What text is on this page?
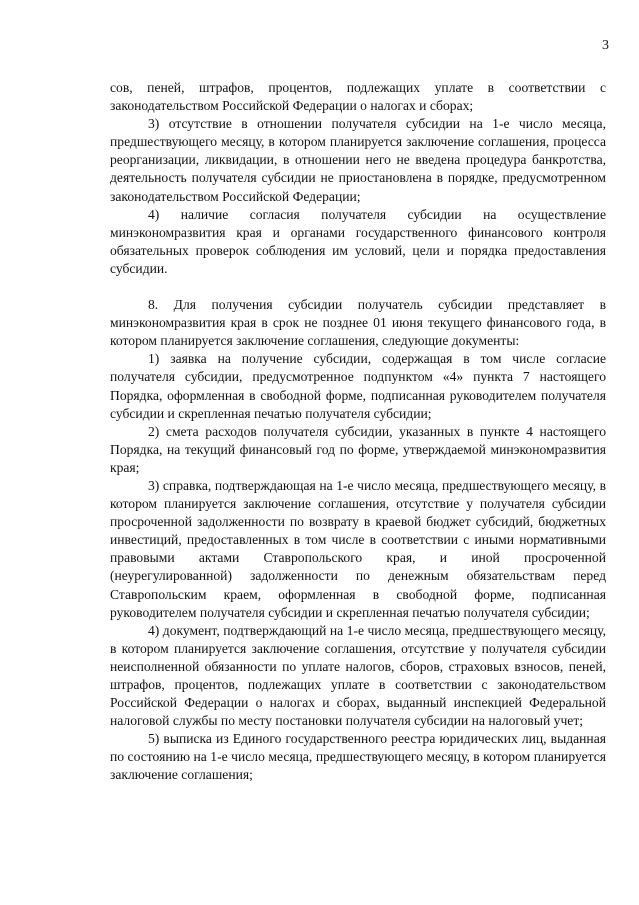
3

сов, пеней, штрафов, процентов, подлежащих уплате в соответствии с законодательством Российской Федерации о налогах и сборах;

3) отсутствие в отношении получателя субсидии на 1-е число месяца, предшествующего месяцу, в котором планируется заключение соглашения, процесса реорганизации, ликвидации, в отношении него не введена процедура банкротства, деятельность получателя субсидии не приостановлена в порядке, предусмотренном законодательством Российской Федерации;

4) наличие согласия получателя субсидии на осуществление минэкономразвития края и органами государственного финансового контроля обязательных проверок соблюдения им условий, цели и порядка предоставления субсидии.

8. Для получения субсидии получатель субсидии представляет в минэкономразвития края в срок не позднее 01 июня текущего финансового года, в котором планируется заключение соглашения, следующие документы:

1) заявка на получение субсидии, содержащая в том числе согласие получателя субсидии, предусмотренное подпунктом «4» пункта 7 настоящего Порядка, оформленная в свободной форме, подписанная руководителем получателя субсидии и скрепленная печатью получателя субсидии;

2) смета расходов получателя субсидии, указанных в пункте 4 настоящего Порядка, на текущий финансовый год по форме, утверждаемой минэкономразвития края;

3) справка, подтверждающая на 1-е число месяца, предшествующего месяцу, в котором планируется заключение соглашения, отсутствие у получателя субсидии просроченной задолженности по возврату в краевой бюджет субсидий, бюджетных инвестиций, предоставленных в том числе в соответствии с иными нормативными правовыми актами Ставропольского края, и иной просроченной (неурегулированной) задолженности по денежным обязательствам перед Ставропольским краем, оформленная в свободной форме, подписанная руководителем получателя субсидии и скрепленная печатью получателя субсидии;

4) документ, подтверждающий на 1-е число месяца, предшествующего месяцу, в котором планируется заключение соглашения, отсутствие у получателя субсидии неисполненной обязанности по уплате налогов, сборов, страховых взносов, пеней, штрафов, процентов, подлежащих уплате в соответствии с законодательством Российской Федерации о налогах и сборах, выданный инспекцией Федеральной налоговой службы по месту постановки получателя субсидии на налоговый учет;

5) выписка из Единого государственного реестра юридических лиц, выданная по состоянию на 1-е число месяца, предшествующего месяцу, в котором планируется заключение соглашения;
